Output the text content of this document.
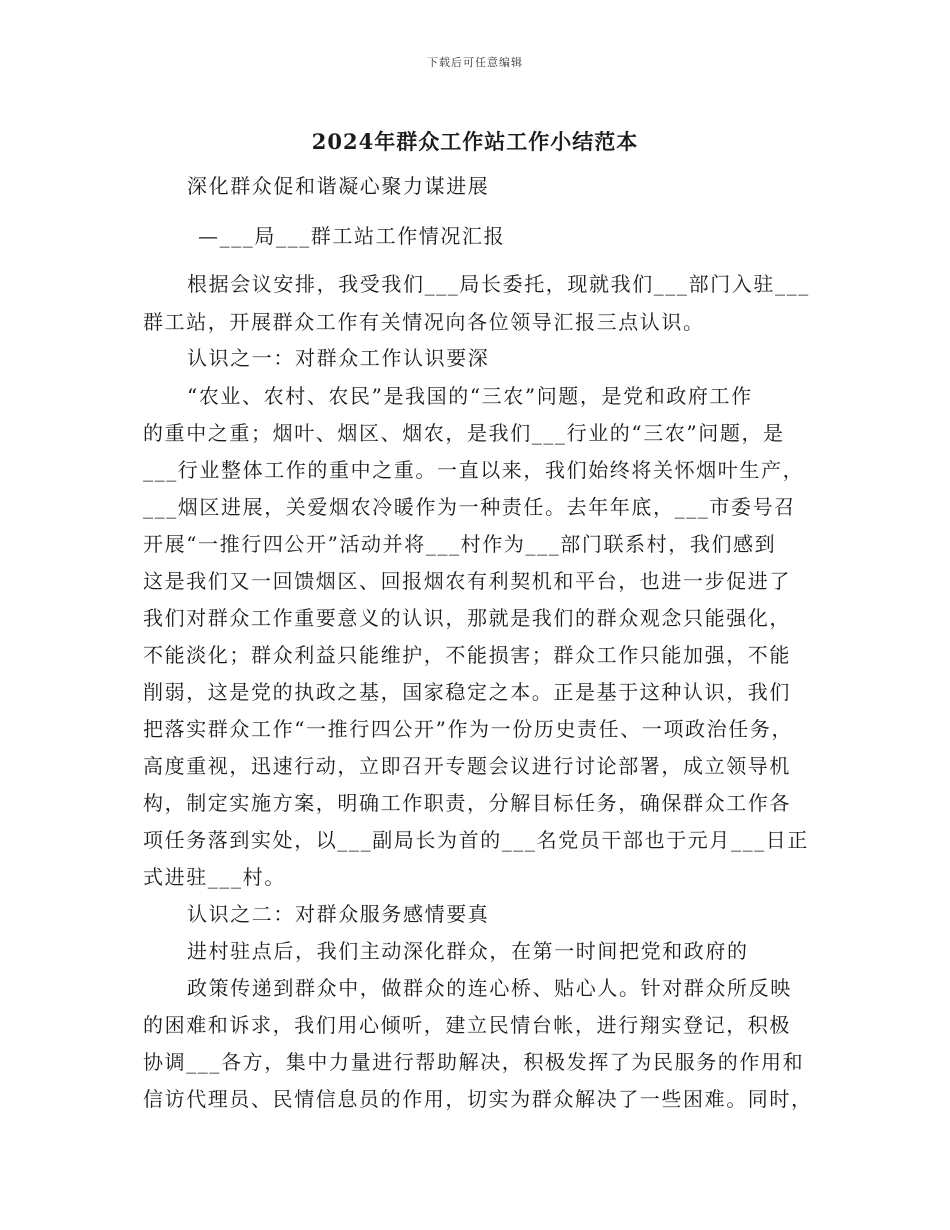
下载后可任意编辑
2024年群众工作站工作小结范本
深化群众促和谐凝心聚力谋进展
—___局___群工站工作情况汇报
根据会议安排，我受我们___局长委托，现就我们___部门入驻___
群工站，开展群众工作有关情况向各位领导汇报三点认识。
认识之一：对群众工作认识要深
“农业、农村、农民”是我国的“三农”问题，是党和政府工作
的重中之重；烟叶、烟区、烟农，是我们___行业的“三农”问题，是
___行业整体工作的重中之重。一直以来，我们始终将关怀烟叶生产，
___烟区进展，关爱烟农冷暖作为一种责任。去年年底，___市委号召
开展“一推行四公开”活动并将___村作为___部门联系村，我们感到
这是我们又一回馈烟区、回报烟农有利契机和平台，也进一步促进了
我们对群众工作重要意义的认识，那就是我们的群众观念只能强化，
不能淡化；群众利益只能维护，不能损害；群众工作只能加强，不能
削弱，这是党的执政之基，国家稳定之本。正是基于这种认识，我们
把落实群众工作“一推行四公开”作为一份历史责任、一项政治任务，
高度重视，迅速行动，立即召开专题会议进行讨论部署，成立领导机
构，制定实施方案，明确工作职责，分解目标任务，确保群众工作各
项任务落到实处，以___副局长为首的___名党员干部也于元月___日正
式进驻___村。
认识之二：对群众服务感情要真
进村驻点后，我们主动深化群众，在第一时间把党和政府的
政策传递到群众中，做群众的连心桥、贴心人。针对群众所反映
的困难和诉求，我们用心倾听，建立民情台帐，进行翔实登记，积极
协调___各方，集中力量进行帮助解决，积极发挥了为民服务的作用和
信访代理员、民情信息员的作用，切实为群众解决了一些困难。同时，
